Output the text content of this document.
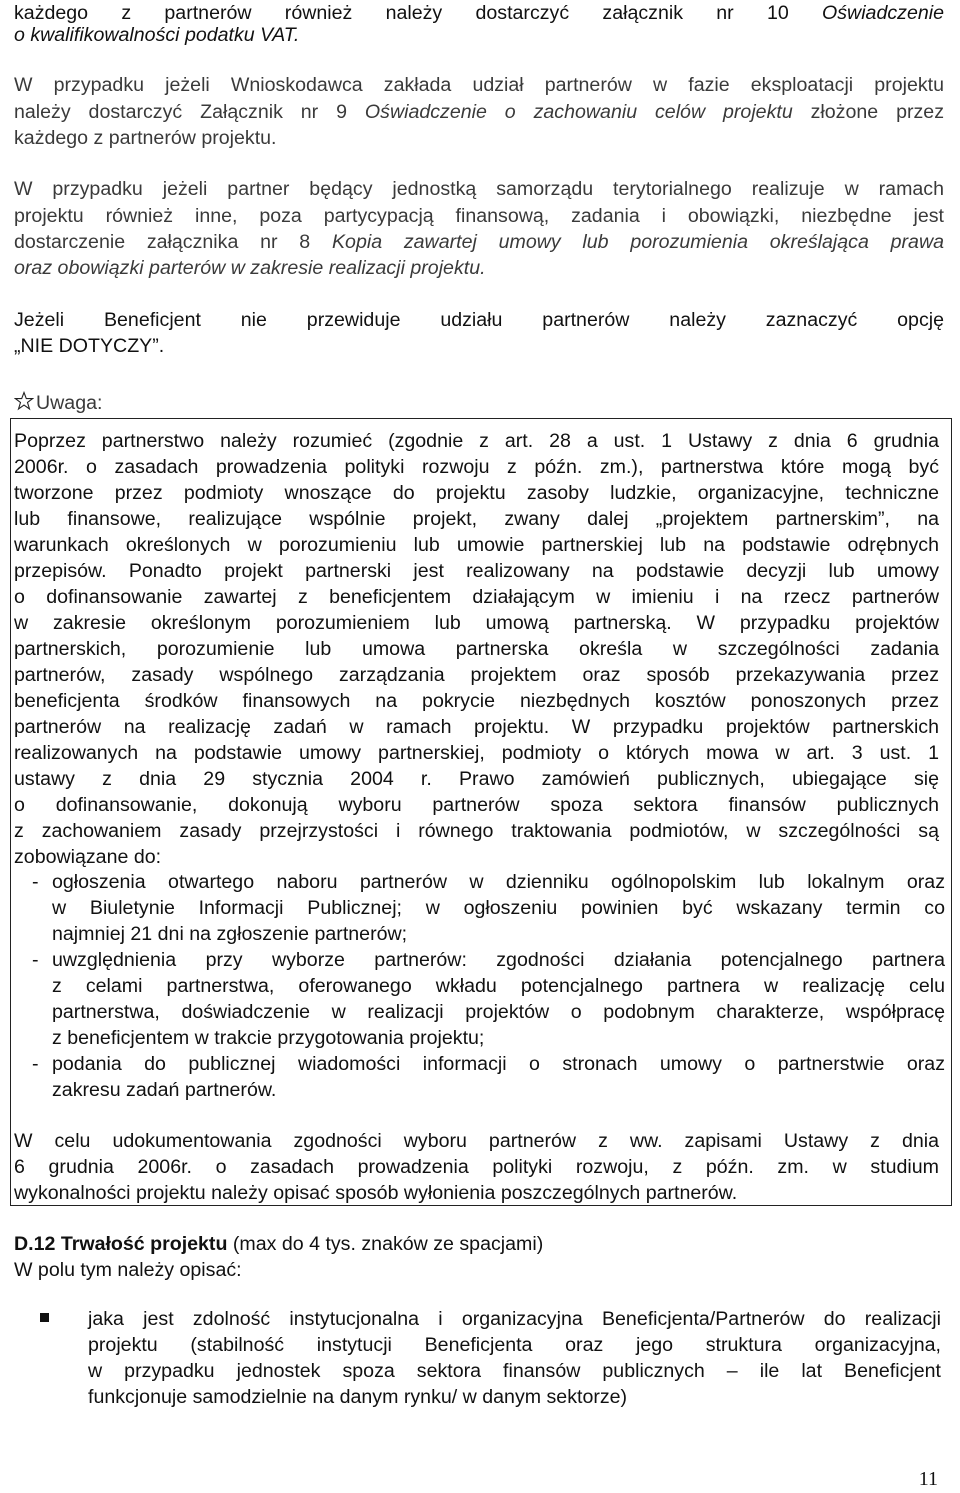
każdego z partnerów również należy dostarczyć załącznik nr 10 Oświadczenie
o kwalifikowalności podatku VAT.
W przypadku jeżeli Wnioskodawca zakłada udział partnerów w fazie eksploatacji projektu
należy dostarczyć Załącznik nr 9 Oświadczenie o zachowaniu celów projektu złożone przez
każdego z partnerów projektu.
W przypadku jeżeli partner będący jednostką samorządu terytorialnego realizuje w ramach
projektu również inne, poza partycypacją finansową, zadania i obowiązki, niezbędne jest
dostarczenie załącznika nr 8 Kopia zawartej umowy lub porozumienia określająca prawa
oraz obowiązki parterów w zakresie realizacji projektu.
Jeżeli Beneficjent nie przewiduje udziału partnerów należy zaznaczyć opcję
„NIE DOTYCZY”.
Uwaga:
Poprzez partnerstwo należy rozumieć (zgodnie z art. 28 a ust. 1 Ustawy z dnia 6 grudnia
2006r. o zasadach prowadzenia polityki rozwoju z późn. zm.), partnerstwa które mogą być
tworzone przez podmioty wnoszące do projektu zasoby ludzkie, organizacyjne, techniczne
lub finansowe, realizujące wspólnie projekt, zwany dalej „projektem partnerskim”, na
warunkach określonych w porozumieniu lub umowie partnerskiej lub na podstawie odrębnych
przepisów. Ponadto projekt partnerski jest realizowany na podstawie decyzji lub umowy
o dofinansowanie zawartej z beneficjentem działającym w imieniu i na rzecz partnerów
w zakresie określonym porozumieniem lub umową partnerską. W przypadku projektów
partnerskich, porozumienie lub umowa partnerska określa w szczególności zadania
partnerów, zasady wspólnego zarządzania projektem oraz sposób przekazywania przez
beneficjenta środków finansowych na pokrycie niezbędnych kosztów ponoszonych przez
partnerów na realizację zadań w ramach projektu. W przypadku projektów partnerskich
realizowanych na podstawie umowy partnerskiej, podmioty o których mowa w art. 3 ust. 1
ustawy z dnia 29 stycznia 2004 r. Prawo zamówień publicznych, ubiegające się
o dofinansowanie, dokonują wyboru partnerów spoza sektora finansów publicznych
z zachowaniem zasady przejrzystości i równego traktowania podmiotów, w szczególności są
zobowiązane do:
- ogłoszenia otwartego naboru partnerów w dzienniku ogólnopolskim lub lokalnym oraz
w Biuletynie Informacji Publicznej; w ogłoszeniu powinien być wskazany termin co
najmniej 21 dni na zgłoszenie partnerów;
- uwzględnienia przy wyborze partnerów: zgodności działania potencjalnego partnera
z celami partnerstwa, oferowanego wkładu potencjalnego partnera w realizację celu
partnerstwa, doświadczenie w realizacji projektów o podobnym charakterze, współpracę
z beneficjentem w trakcie przygotowania projektu;
- podania do publicznej wiadomości informacji o stronach umowy o partnerstwie oraz
zakresu zadań partnerów.
W celu udokumentowania zgodności wyboru partnerów z ww. zapisami Ustawy z dnia
6 grudnia 2006r. o zasadach prowadzenia polityki rozwoju, z późn. zm. w studium
wykonalności projektu należy opisać sposób wyłonienia poszczególnych partnerów.
D.12 Trwałość projektu (max do 4 tys. znaków ze spacjami)
W polu tym należy opisać:
jaka jest zdolność instytucjonalna i organizacyjna Beneficjenta/Partnerów do realizacji
projektu (stabilność instytucji Beneficjenta oraz jego struktura organizacyjna,
w przypadku jednostek spoza sektora finansów publicznych – ile lat Beneficjent
funkcjonuje samodzielnie na danym rynku/ w danym sektorze)
11
